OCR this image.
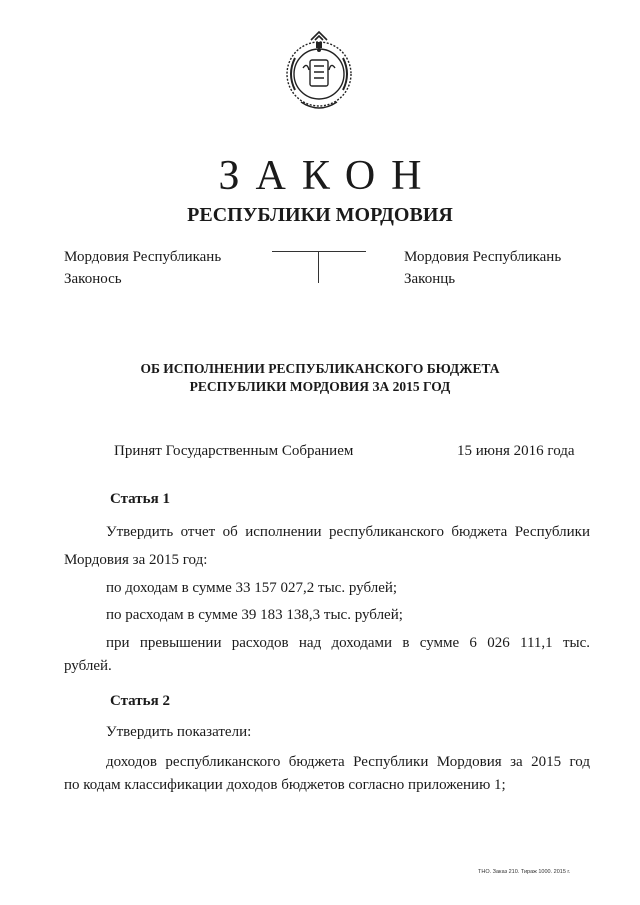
ЗАКОН
РЕСПУБЛИКИ МОРДОВИЯ
Мордовия Республикань
Законось
Мордовия Республикань
Законць
ОБ ИСПОЛНЕНИИ РЕСПУБЛИКАНСКОГО БЮДЖЕТА
РЕСПУБЛИКИ МОРДОВИЯ ЗА 2015 ГОД
Принят Государственным Собранием	15 июня 2016 года
Статья 1
Утвердить отчет об исполнении республиканского бюджета Республики
Мордовия за 2015 год:
по доходам в сумме 33 157 027,2 тыс. рублей;
по расходам в сумме 39 183 138,3 тыс. рублей;
при превышении расходов над доходами в сумме 6 026 111,1 тыс.
рублей.
Статья 2
Утвердить показатели:
доходов республиканского бюджета Республики Мордовия за 2015 год
по кодам классификации доходов бюджетов согласно приложению 1;
ТНО. Заказ 210. Тираж 1000. 2015 г.
